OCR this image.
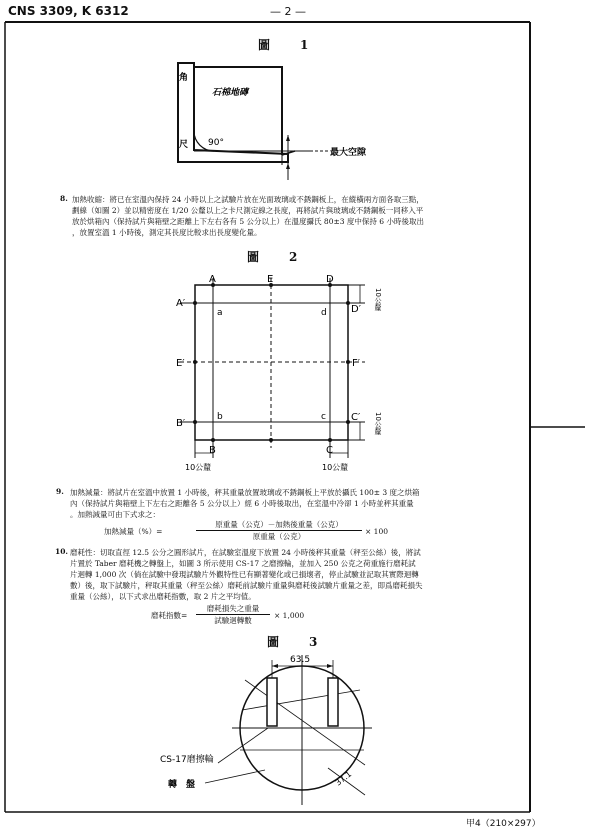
CNS 3309, K 6312	— 2 —
圖　　1
角
石棉地磚
尺 90°
最大空隙
8. 加熱收縮：將已在室溫內保持 24 小時以上之試驗片放在光面玻璃或不銹鋼板上，在縱橫兩方面各取三點，
劃線（如圖 2）並以精密度在 1/20 公釐以上之卡尺測定線之長度，再將試片與玻璃或不銹鋼板一同移入平
放於烘箱內（保持試片與箱壁之距離上下左右各有 5 公分以上）在溫度攝氏 80±3 度中保持 6 小時後取出
，放置室溫 1 小時後，測定其長度比較求出長度變化量。
圖　　2
A	E	D
A′
D′
a	d
E′	F′
B′
C′
b	c
B	C
10公釐
10公釐
10公釐	10公釐
9. 加熱減量：將試片在室溫中放置 1 小時後，秤其重量放置玻璃或不銹鋼板上平放於攝氏 100± 3 度之烘箱
內（保持試片與箱壁上下左右之距離各 5 公分以上）經 6 小時後取出，在室溫中冷卻 1 小時並秤其重量
。加熱減量可由下式求之：
加熱減量（%）=
原重量（公克）－加熱後重量（公克）
原重量（公克）
× 100
10. 磨耗性：切取直徑 12.5 公分之圓形試片，在試驗室溫度下放置 24 小時後秤其重量（秤至公絲）後，將試
片置於 Taber 磨耗機之轉盤上，如圖 3 所示使用 CS-17 之磨擦輪，並加入 250 公克之荷重施行磨耗試
片迴轉 1,000 次（倘在試驗中發現試驗片外觀特性已有顯著變化或已損壞者，停止試驗並記取其實際迴轉
數）後，取下試驗片，秤取其重量（秤至公絲）磨耗前試驗片重量與磨耗後試驗片重量之差，即爲磨耗損失
重量（公絲），以下式求出磨耗指數，取 2 片之平均值。
磨耗指數=
磨耗損失之重量
試驗迴轉數
× 1,000
圖　　3
63.5
37.1
CS-17磨擦輪
轉　盤
甲4（210×297）
